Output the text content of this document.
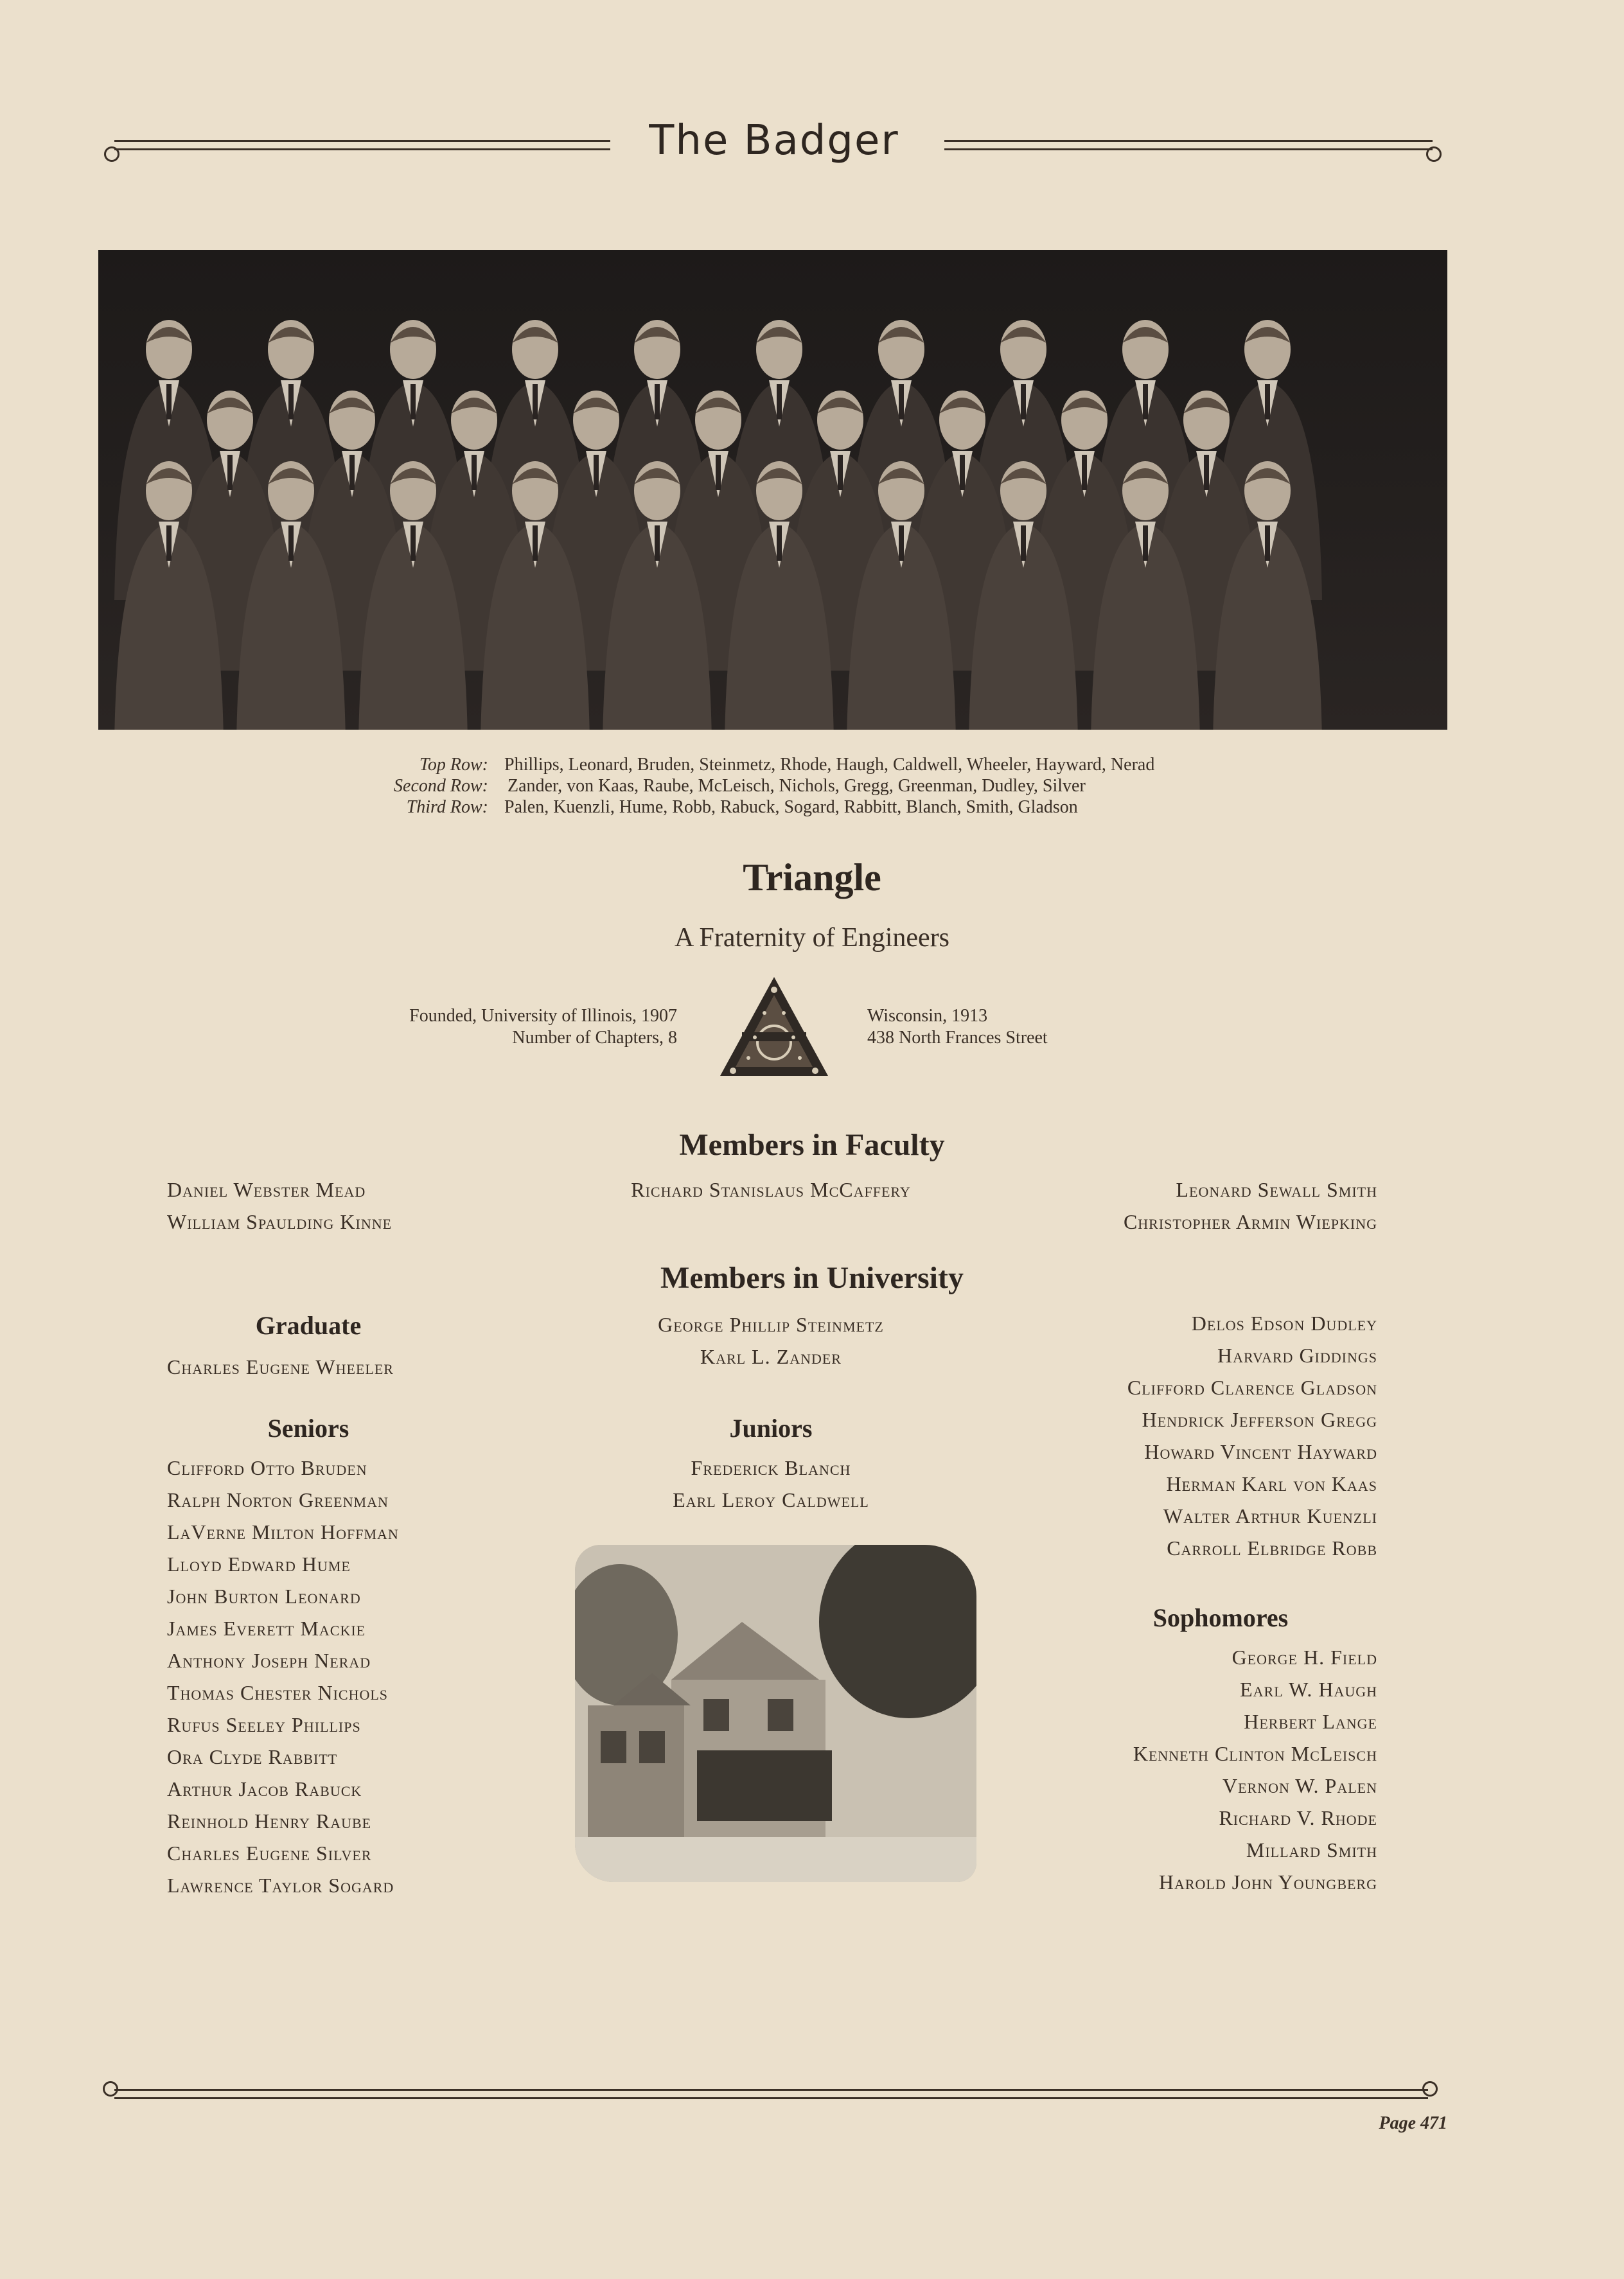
The Badger
Top Row: Phillips, Leonard, Bruden, Steinmetz, Rhode, Haugh, Caldwell, Wheeler, Hayward, Nerad
Second Row: Zander, von Kaas, Raube, McLeisch, Nichols, Gregg, Greenman, Dudley, Silver
Third Row: Palen, Kuenzli, Hume, Robb, Rabuck, Sogard, Rabbitt, Blanch, Smith, Gladson
Triangle
A Fraternity of Engineers
Founded, University of Illinois, 1907
Number of Chapters, 8
Wisconsin, 1913
438 North Frances Street
Members in Faculty
Daniel Webster Mead
William Spaulding Kinne
Richard Stanislaus McCaffery	Leonard Sewall Smith
Christopher Armin Wiepking
Members in University
Graduate
Charles Eugene Wheeler
George Phillip Steinmetz
Karl L. Zander
Seniors
Clifford Otto Bruden
Ralph Norton Greenman
LaVerne Milton Hoffman
Lloyd Edward Hume
John Burton Leonard
James Everett Mackie
Anthony Joseph Nerad
Thomas Chester Nichols
Rufus Seeley Phillips
Ora Clyde Rabbitt
Arthur Jacob Rabuck
Reinhold Henry Raube
Charles Eugene Silver
Lawrence Taylor Sogard
Juniors
Frederick Blanch
Earl Leroy Caldwell
Delos Edson Dudley
Harvard Giddings
Clifford Clarence Gladson
Hendrick Jefferson Gregg
Howard Vincent Hayward
Herman Karl von Kaas
Walter Arthur Kuenzli
Carroll Elbridge Robb
Sophomores
George H. Field
Earl W. Haugh
Herbert Lange
Kenneth Clinton McLeisch
Vernon W. Palen
Richard V. Rhode
Millard Smith
Harold John Youngberg
Page 471
